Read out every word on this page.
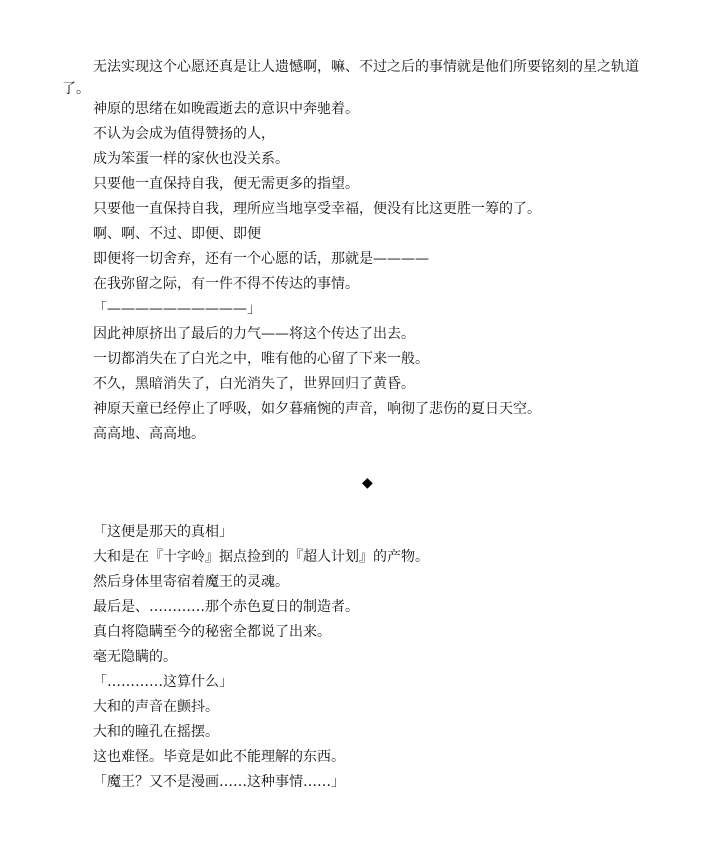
无法实现这个心愿还真是让人遗憾啊，嘛、不过之后的事情就是他们所要铭刻的星之轨道了。

神原的思绪在如晚霞逝去的意识中奔驰着。

不认为会成为值得赞扬的人，

成为笨蛋一样的家伙也没关系。

只要他一直保持自我，便无需更多的指望。

只要他一直保持自我，理所应当地享受幸福，便没有比这更胜一筹的了。

啊、啊、不过、即便、即便

即便将一切舍弃，还有一个心愿的话，那就是————

在我弥留之际，有一件不得不传达的事情。

「——————————」

因此神原挤出了最后的力气——将这个传达了出去。

一切都消失在了白光之中，唯有他的心留了下来一般。

不久，黑暗消失了，白光消失了，世界回归了黄昏。

神原天童已经停止了呼吸，如夕暮痛惋的声音，响彻了悲伤的夏日天空。

高高地、高高地。

◆

「这便是那天的真相」

大和是在『十字岭』据点捡到的『超人计划』的产物。

然后身体里寄宿着魔王的灵魂。

最后是、…………那个赤色夏日的制造者。

真白将隐瞒至今的秘密全都说了出来。

毫无隐瞒的。

「…………这算什么」

大和的声音在颤抖。

大和的瞳孔在摇摆。

这也难怪。毕竟是如此不能理解的东西。

「魔王？又不是漫画……这种事情……」
